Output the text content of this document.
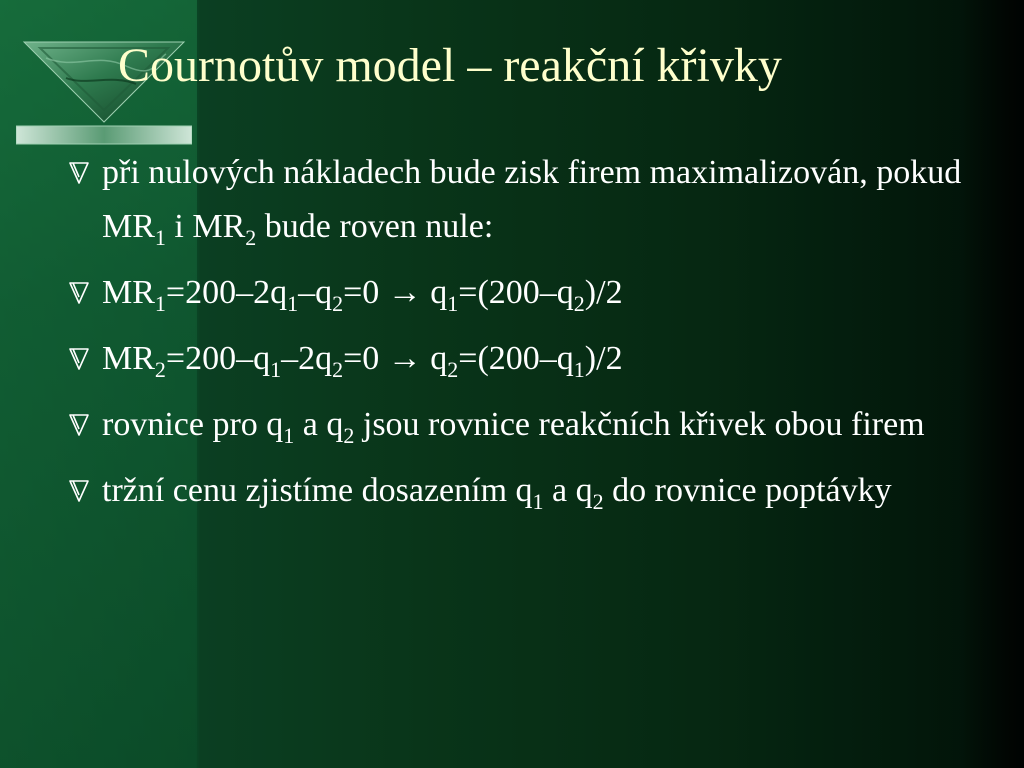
Cournotův model – reakční křivky
při nulových nákladech bude zisk firem maximalizován, pokud $MR_1$ i $MR_2$ bude roven nule:
$MR_1=200-2q_1-q_2=0 \to q_1=(200-q_2)/2$
$MR_2=200-q_1-2q_2=0 \to q_2=(200-q_1)/2$
rovnice pro $q_1$ a $q_2$ jsou rovnice reakčních křivek obou firem
tržní cenu zjistíme dosazením $q_1$ a $q_2$ do rovnice poptávky
